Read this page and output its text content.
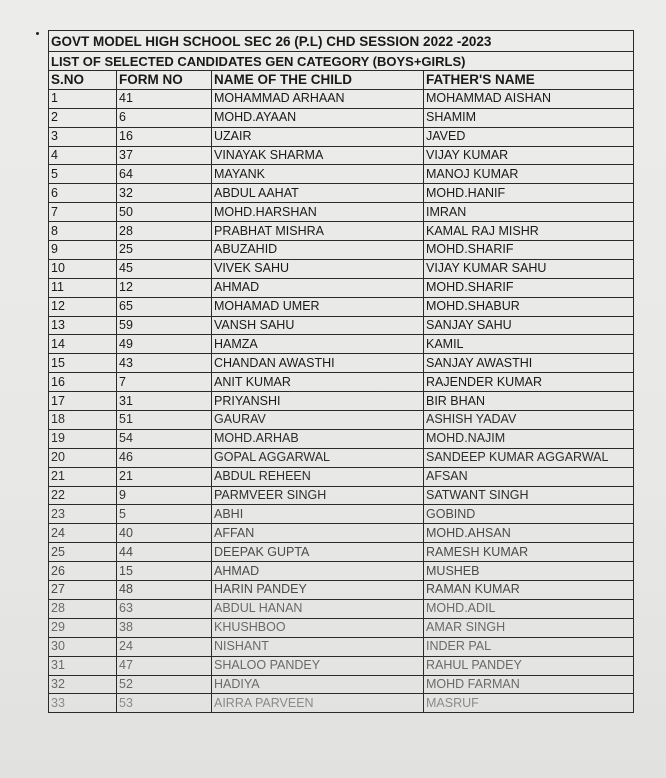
GOVT MODEL HIGH SCHOOL SEC 26 (P.L) CHD SESSION 2022 -2023			
LIST OF SELECTED CANDIDATES GEN CATEGORY (BOYS+GIRLS)			
S.NO	FORM NO	NAME OF THE CHILD	FATHER'S NAME
1	41	MOHAMMAD ARHAAN	MOHAMMAD AISHAN
2	6	MOHD.AYAAN	SHAMIM
3	16	UZAIR	JAVED
4	37	VINAYAK SHARMA	VIJAY KUMAR
5	64	MAYANK	MANOJ KUMAR
6	32	ABDUL AAHAT	MOHD.HANIF
7	50	MOHD.HARSHAN	IMRAN
8	28	PRABHAT MISHRA	KAMAL RAJ MISHR
9	25	ABUZAHID	MOHD.SHARIF
10	45	VIVEK SAHU	VIJAY KUMAR SAHU
11	12	AHMAD	MOHD.SHARIF
12	65	MOHAMAD UMER	MOHD.SHABUR
13	59	VANSH SAHU	SANJAY SAHU
14	49	HAMZA	KAMIL
15	43	CHANDAN AWASTHI	SANJAY AWASTHI
16	7	ANIT KUMAR	RAJENDER KUMAR
17	31	PRIYANSHI	BIR BHAN
18	51	GAURAV	ASHISH YADAV
19	54	MOHD.ARHAB	MOHD.NAJIM
20	46	GOPAL AGGARWAL	SANDEEP KUMAR AGGARWAL
21	21	ABDUL REHEEN	AFSAN
22	9	PARMVEER SINGH	SATWANT SINGH
23	5	ABHI	GOBIND
24	40	AFFAN	MOHD.AHSAN
25	44	DEEPAK GUPTA	RAMESH KUMAR
26	15	AHMAD	MUSHEB
27	48	HARIN PANDEY	RAMAN KUMAR
28	63	ABDUL HANAN	MOHD.ADIL
29	38	KHUSHBOO	AMAR SINGH
30	24	NISHANT	INDER PAL
31	47	SHALOO PANDEY	RAHUL PANDEY
32	52	HADIYA	MOHD FARMAN
33	53	AIRRA PARVEEN	MASRUF
